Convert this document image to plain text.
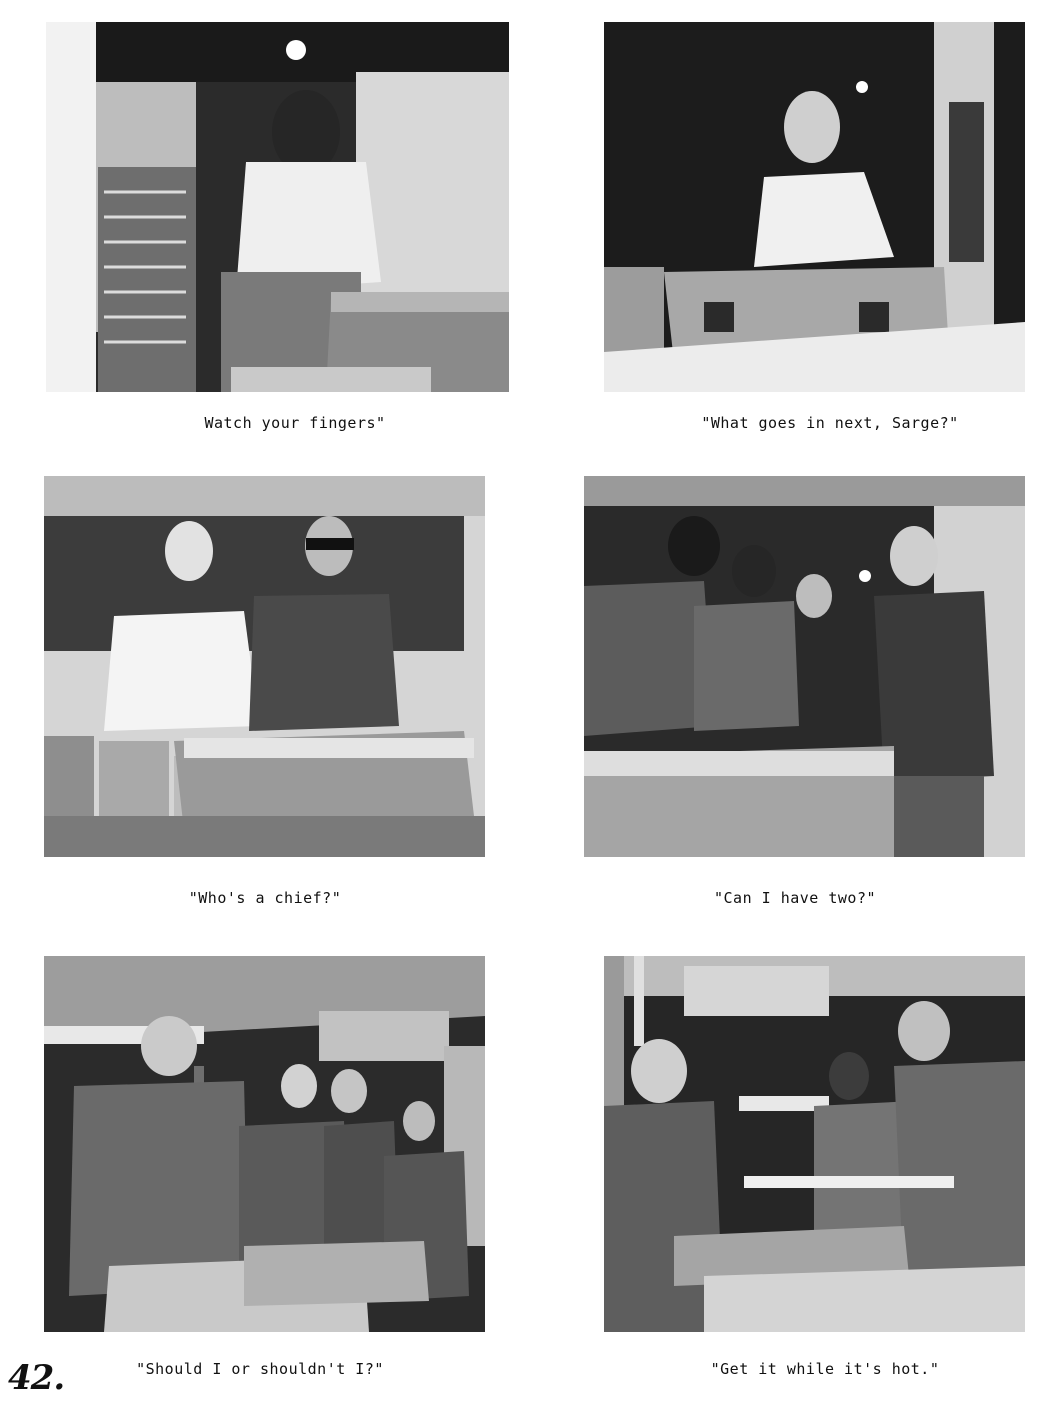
Watch your fingers"	"What goes in next, Sarge?"
"Who's a chief?"	"Can I have two?"
"Should I or shouldn't I?"	"Get it while it's hot."
42.
